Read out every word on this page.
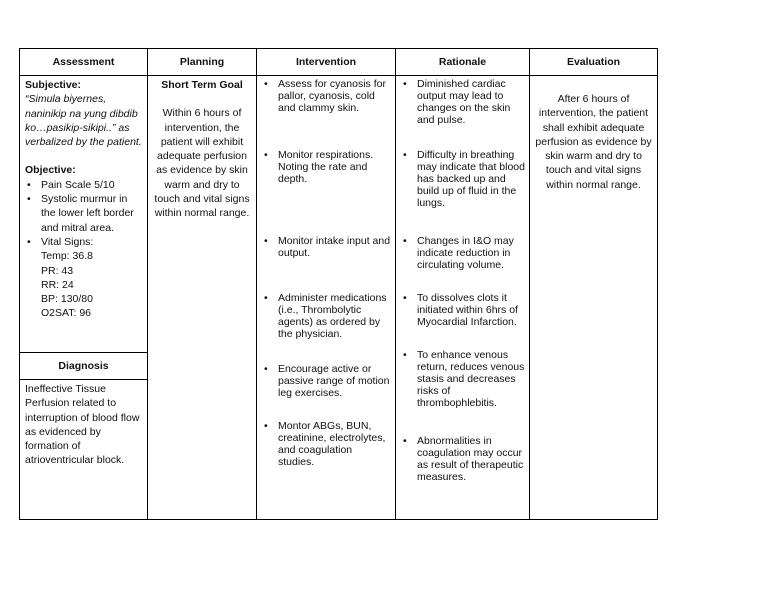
Assessment
Subjective:
“Simula biyernes, naninikip na yung dibdib ko…pasikip-sikipi..” as verbalized by the patient.
Objective:
• Pain Scale 5/10
• Systolic murmur in the lower left border and mitral area.
• Vital Signs:
Temp: 36.8
PR: 43
RR: 24
BP: 130/80
O2SAT: 96
Diagnosis
Ineffective Tissue Perfusion related to interruption of blood flow as evidenced by formation of atrioventricular block.
Planning
Short Term Goal
Within 6 hours of intervention, the patient will exhibit adequate perfusion as evidence by skin warm and dry to touch and vital signs within normal range.
Intervention
• Assess for cyanosis for pallor, cyanosis, cold and clammy skin.
• Monitor respirations. Noting the rate and depth.
• Monitor intake input and output.
• Administer medications (i.e., Thrombolytic agents) as ordered by the physician.
• Encourage active or passive range of motion leg exercises.
• Montor ABGs, BUN, creatinine, electrolytes, and coagulation studies.
Rationale
• Diminished cardiac output may lead to changes on the skin and pulse.
• Difficulty in breathing may indicate that blood has backed up and build up of fluid in the lungs.
• Changes in I&O may indicate reduction in circulating volume.
• To dissolves clots it initiated within 6hrs of Myocardial Infarction.
• To enhance venous return, reduces venous stasis and decreases risks of thrombophlebitis.
• Abnormalities in coagulation may occur as result of therapeutic measures.
Evaluation
After 6 hours of intervention, the patient shall exhibit adequate perfusion as evidence by skin warm and dry to touch and vital signs within normal range.
